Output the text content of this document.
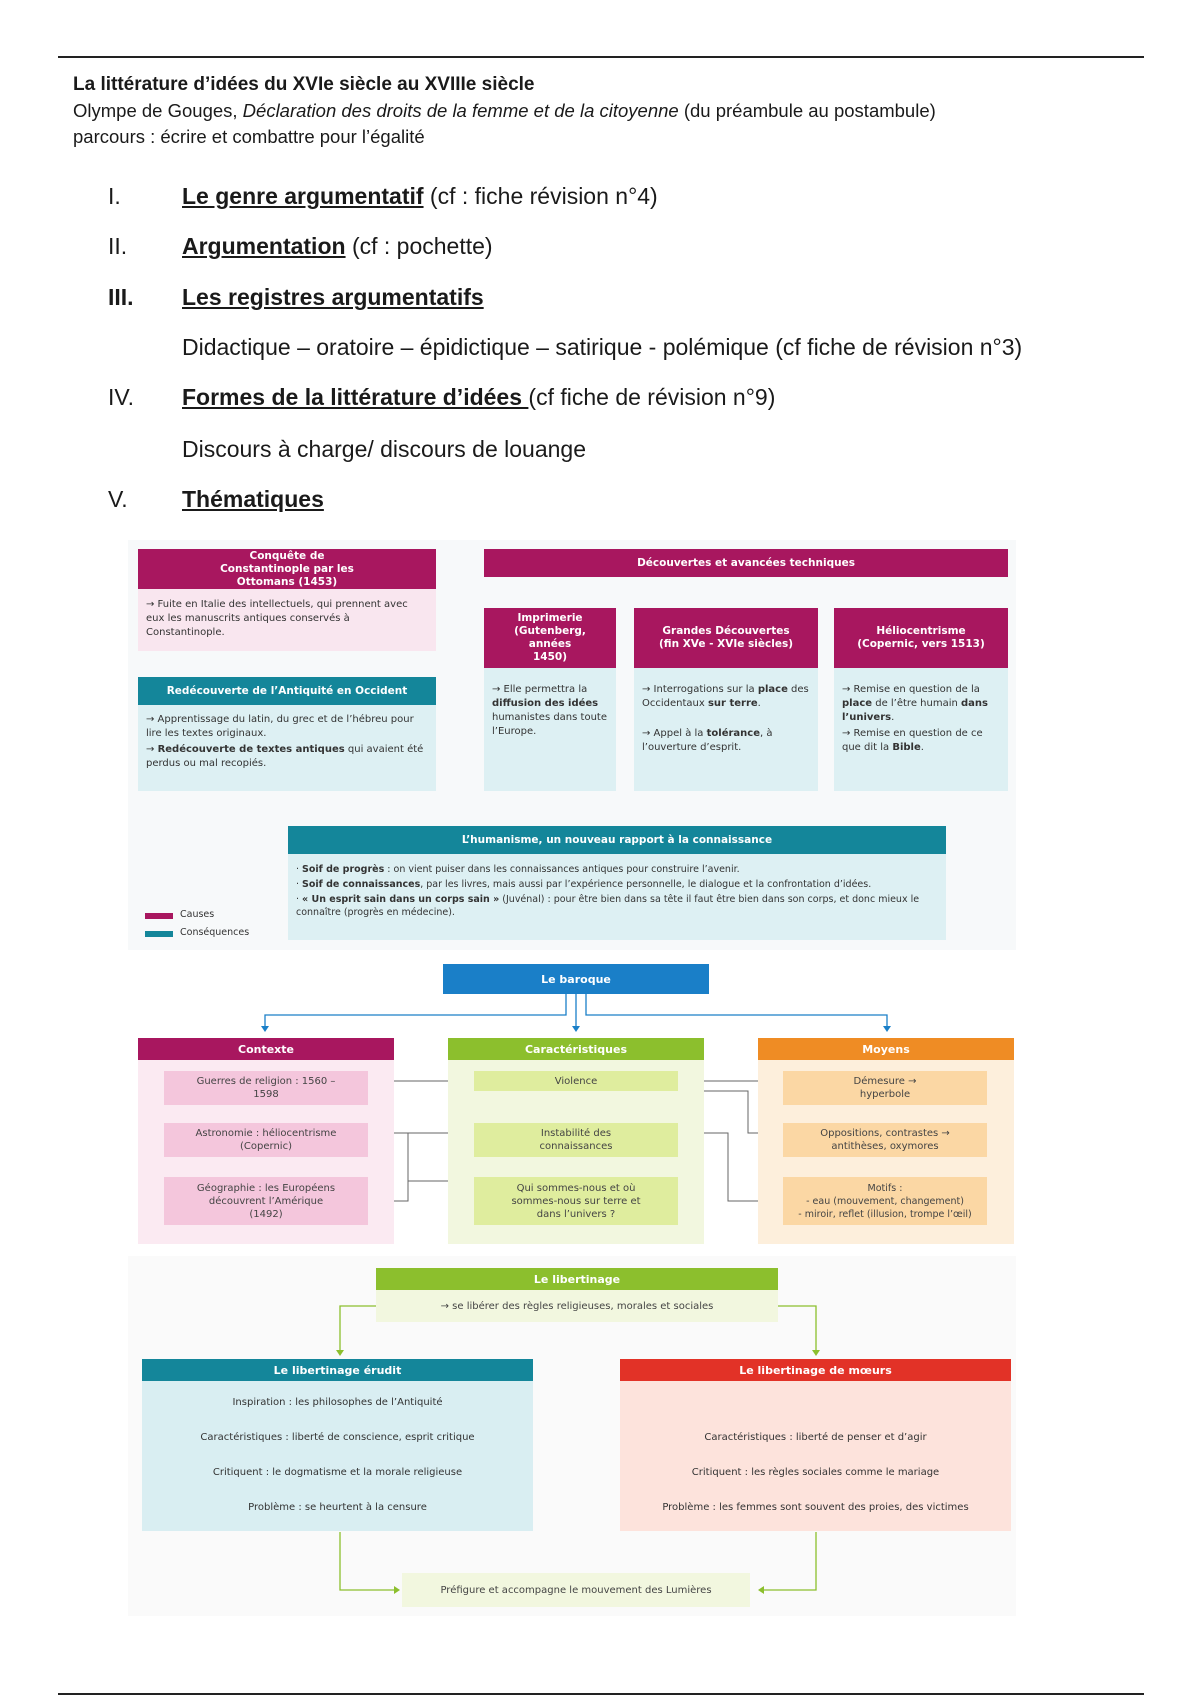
La littérature d’idées du XVIe siècle au XVIIIe siècle
Olympe de Gouges, Déclaration des droits de la femme et de la citoyenne (du préambule au postambule)
parcours : écrire et combattre pour l’égalité
I.	Le genre argumentatif (cf : fiche révision n°4)
II. Argumentation (cf : pochette)
III. Les registres argumentatifs
Didactique – oratoire – épidictique – satirique - polémique (cf fiche de révision n°3)
IV. Formes de la littérature d’idées (cf fiche de révision n°9)
Discours à charge/ discours de louange
V. Thématiques
Conquête de Constantinople par les Ottomans (1453)
→ Fuite en Italie des intellectuels, qui prennent avec eux les manuscrits antiques conservés à Constantinople.
Redécouverte de l’Antiquité en Occident
→ Apprentissage du latin, du grec et de l’hébreu pour lire les textes originaux.
→ Redécouverte de textes antiques qui avaient été perdus ou mal recopiés.
Découvertes et avancées techniques
Imprimerie (Gutenberg, années 1450)
→ Elle permettra la diffusion des idées humanistes dans toute l’Europe.
Grandes Découvertes (fin XVe - XVIe siècles)
→ Interrogations sur la place des Occidentaux sur terre.
→ Appel à la tolérance, à l’ouverture d’esprit.
Héliocentrisme (Copernic, vers 1513)
→ Remise en question de la place de l’être humain dans l’univers.
→ Remise en question de ce que dit la Bible.
L’humanisme, un nouveau rapport à la connaissance
· Soif de progrès : on vient puiser dans les connaissances antiques pour construire l’avenir.
· Soif de connaissances, par les livres, mais aussi par l’expérience personnelle, le dialogue et la confrontation d’idées.
· « Un esprit sain dans un corps sain » (Juvénal) : pour être bien dans sa tête il faut être bien dans son corps, et donc mieux le connaître (progrès en médecine).
Causes
Conséquences
Le baroque
Contexte
Guerres de religion : 1560 – 1598
Astronomie : héliocentrisme (Copernic)
Géographie : les Européens découvrent l’Amérique (1492)
Caractéristiques
Violence
Instabilité des connaissances
Qui sommes-nous et où sommes-nous sur terre et dans l’univers ?
Moyens
Démesure → hyperbole
Oppositions, contrastes → antithèses, oxymores
Motifs :
- eau (mouvement, changement)
- miroir, reflet (illusion, trompe l’œil)
Le libertinage
→ se libérer des règles religieuses, morales et sociales
Le libertinage érudit
Inspiration : les philosophes de l’Antiquité
Caractéristiques : liberté de conscience, esprit critique
Critiquent : le dogmatisme et la morale religieuse
Problème : se heurtent à la censure
Le libertinage de mœurs
Caractéristiques : liberté de penser et d’agir
Critiquent : les règles sociales comme le mariage
Problème : les femmes sont souvent des proies, des victimes
Préfigure et accompagne le mouvement des Lumières
